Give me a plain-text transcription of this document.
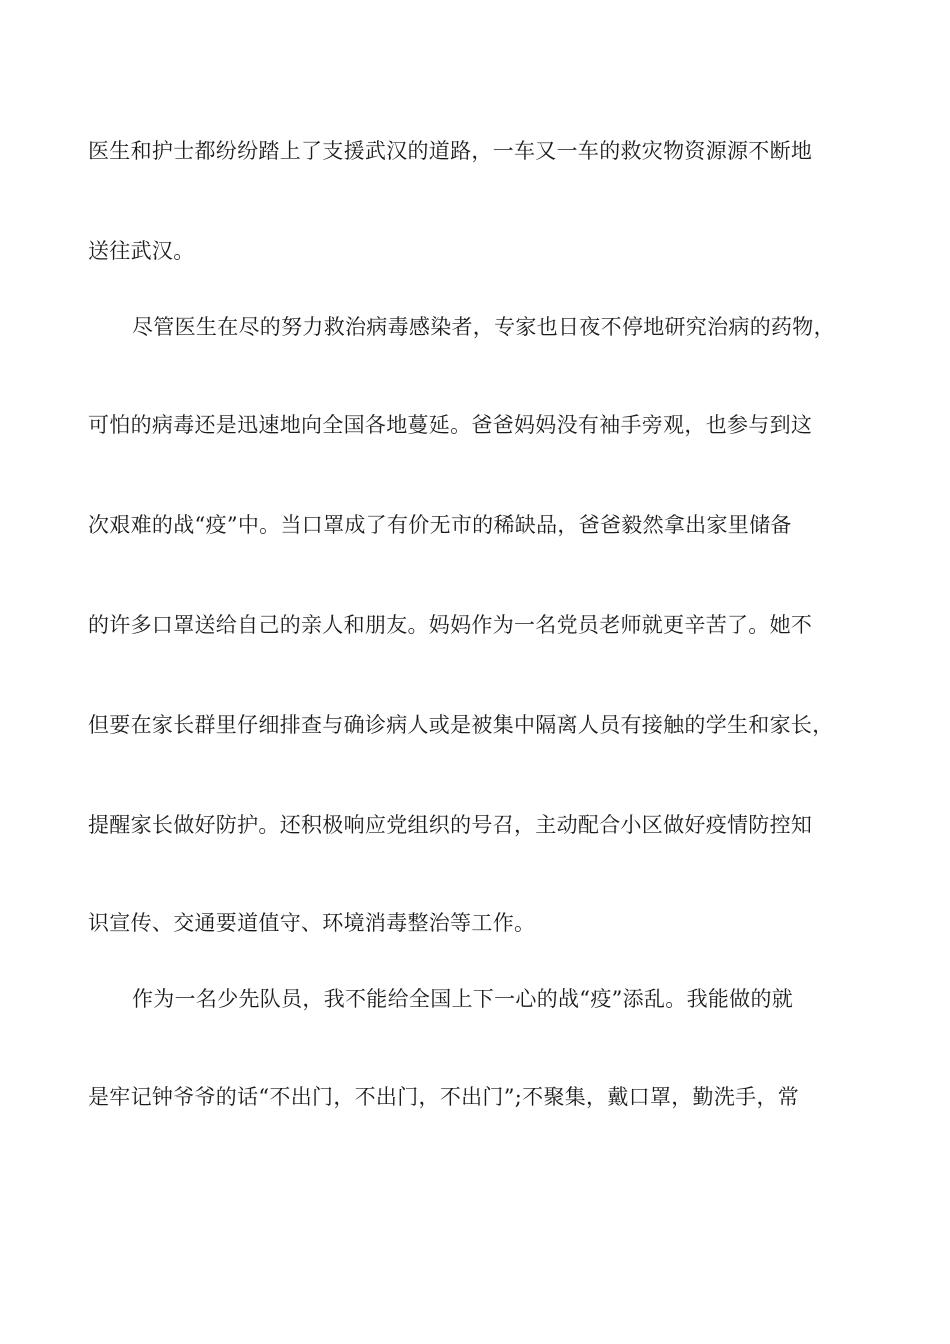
医生和护士都纷纷踏上了支援武汉的道路，一车又一车的救灾物资源源不断地
送往武汉。
尽管医生在尽的努力救治病毒感染者，专家也日夜不停地研究治病的药物，
可怕的病毒还是迅速地向全国各地蔓延。爸爸妈妈没有袖手旁观，也参与到这
次艰难的战“疫”中。当口罩成了有价无市的稀缺品，爸爸毅然拿出家里储备
的许多口罩送给自己的亲人和朋友。妈妈作为一名党员老师就更辛苦了。她不
但要在家长群里仔细排查与确诊病人或是被集中隔离人员有接触的学生和家长，
提醒家长做好防护。还积极响应党组织的号召，主动配合小区做好疫情防控知
识宣传、交通要道值守、环境消毒整治等工作。
作为一名少先队员，我不能给全国上下一心的战“疫”添乱。我能做的就
是牢记钟爷爷的话“不出门，不出门，不出门”;不聚集，戴口罩，勤洗手，常
